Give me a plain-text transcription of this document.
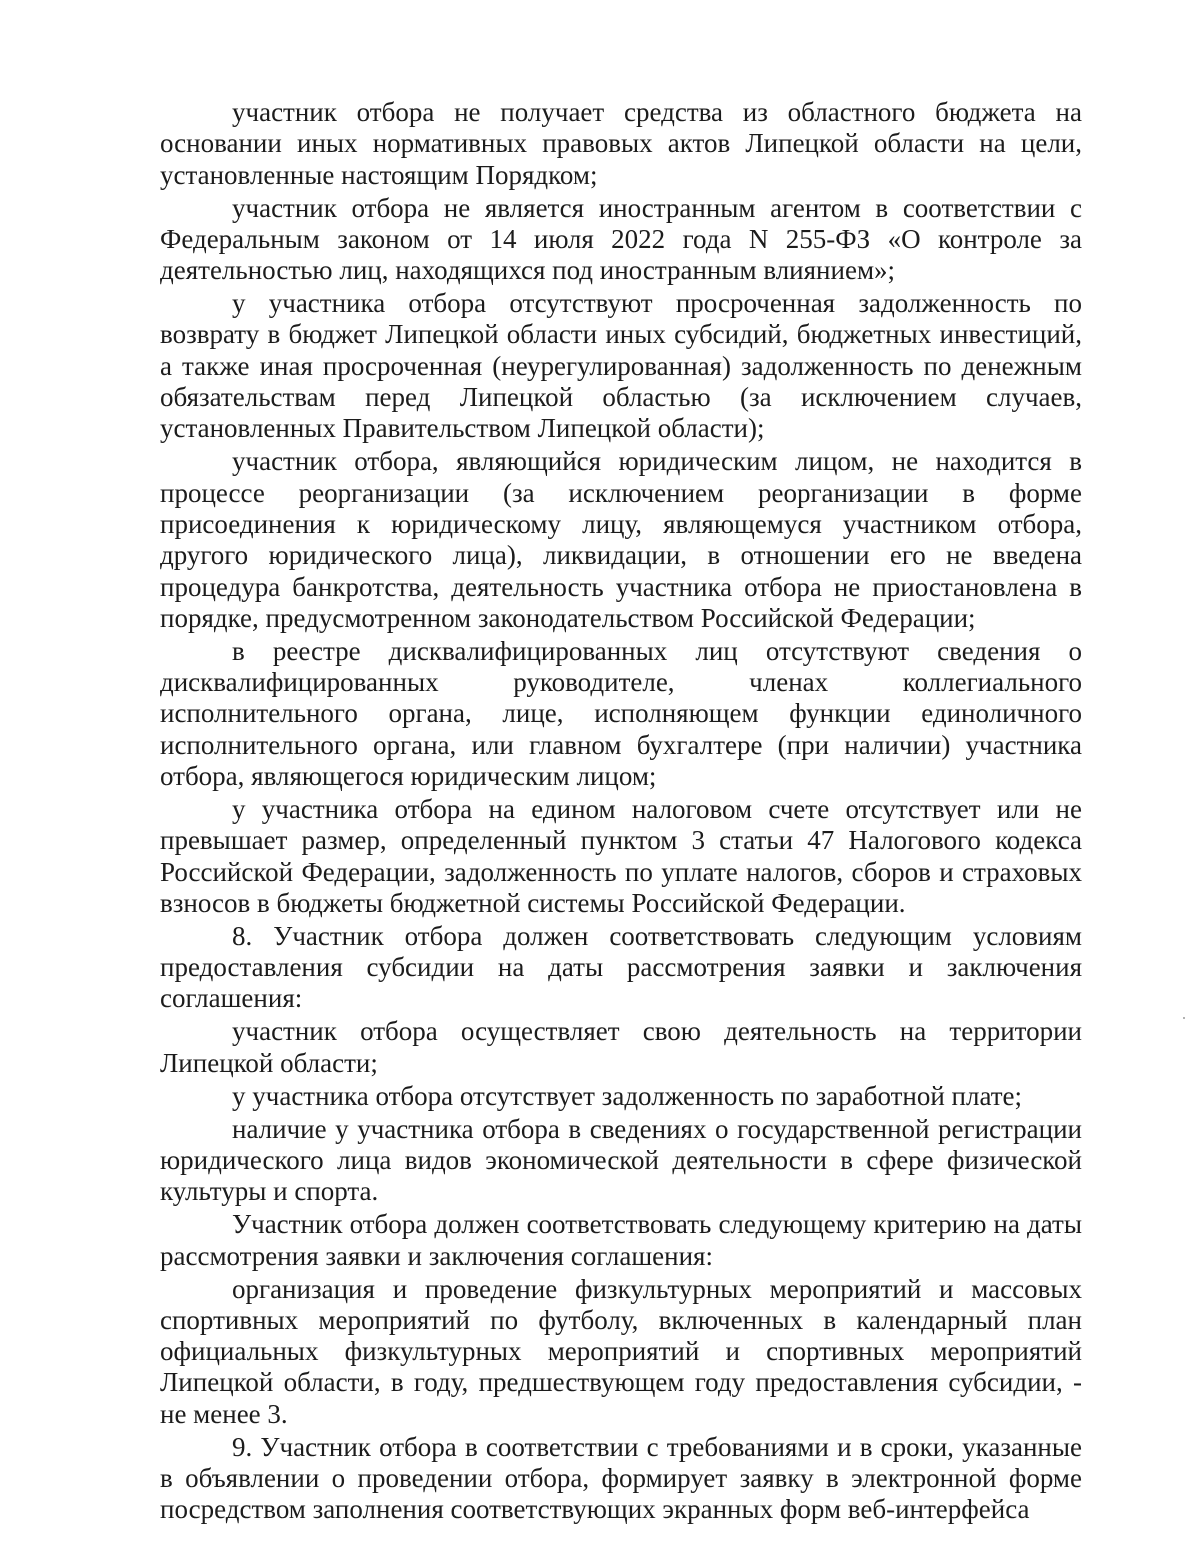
участник отбора не получает средства из областного бюджета на основании иных нормативных правовых актов Липецкой области на цели, установленные настоящим Порядком;

участник отбора не является иностранным агентом в соответствии с Федеральным законом от 14 июля 2022 года N 255-ФЗ «О контроле за деятельностью лиц, находящихся под иностранным влиянием»;

у участника отбора отсутствуют просроченная задолженность по возврату в бюджет Липецкой области иных субсидий, бюджетных инвестиций, а также иная просроченная (неурегулированная) задолженность по денежным обязательствам перед Липецкой областью (за исключением случаев, установленных Правительством Липецкой области);

участник отбора, являющийся юридическим лицом, не находится в процессе реорганизации (за исключением реорганизации в форме присоединения к юридическому лицу, являющемуся участником отбора, другого юридического лица), ликвидации, в отношении его не введена процедура банкротства, деятельность участника отбора не приостановлена в порядке, предусмотренном законодательством Российской Федерации;

в реестре дисквалифицированных лиц отсутствуют сведения о дисквалифицированных руководителе, членах коллегиального исполнительного органа, лице, исполняющем функции единоличного исполнительного органа, или главном бухгалтере (при наличии) участника отбора, являющегося юридическим лицом;

у участника отбора на едином налоговом счете отсутствует или не превышает размер, определенный пунктом 3 статьи 47 Налогового кодекса Российской Федерации, задолженность по уплате налогов, сборов и страховых взносов в бюджеты бюджетной системы Российской Федерации.

8. Участник отбора должен соответствовать следующим условиям предоставления субсидии на даты рассмотрения заявки и заключения соглашения:

участник отбора осуществляет свою деятельность на территории Липецкой области;

у участника отбора отсутствует задолженность по заработной плате;

наличие у участника отбора в сведениях о государственной регистрации юридического лица видов экономической деятельности в сфере физической культуры и спорта.

Участник отбора должен соответствовать следующему критерию на даты рассмотрения заявки и заключения соглашения:

организация и проведение физкультурных мероприятий и массовых спортивных мероприятий по футболу, включенных в календарный план официальных физкультурных мероприятий и спортивных мероприятий Липецкой области, в году, предшествующем году предоставления субсидии, - не менее 3.

9. Участник отбора в соответствии с требованиями и в сроки, указанные в объявлении о проведении отбора, формирует заявку в электронной форме посредством заполнения соответствующих экранных форм веб-интерфейса
